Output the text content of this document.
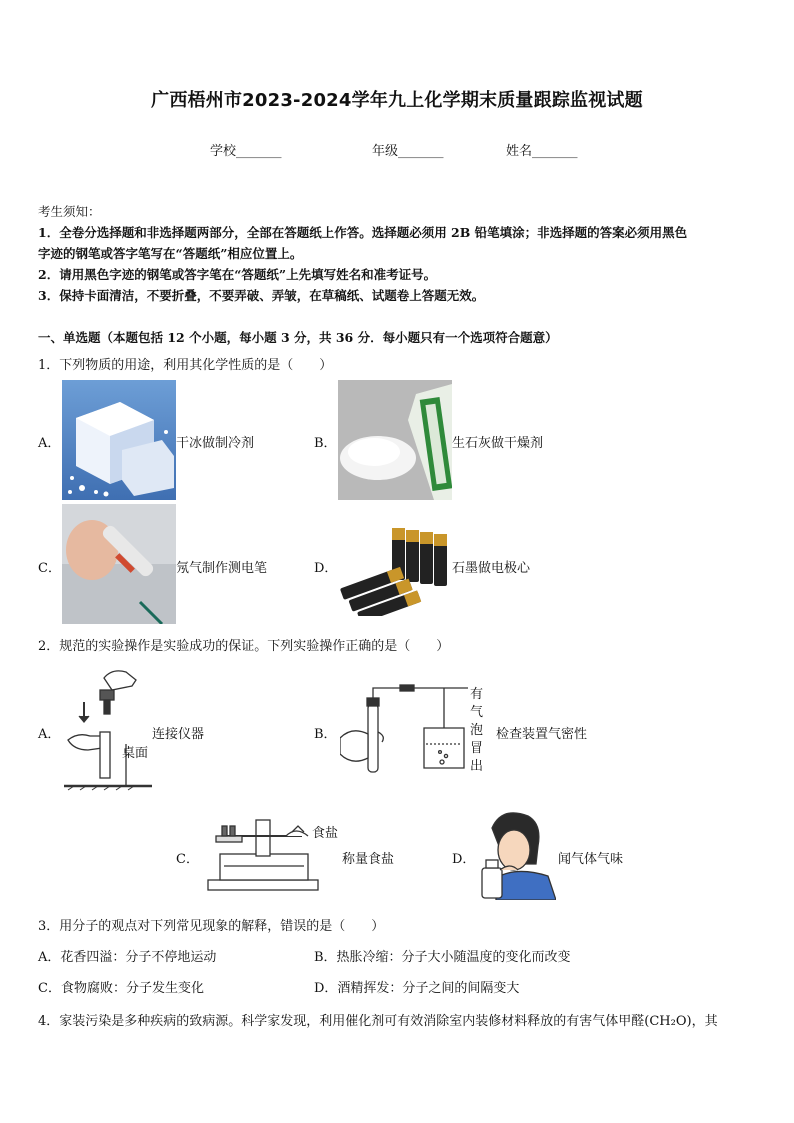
广西梧州市2023-2024学年九上化学期末质量跟踪监视试题
学校_______	年级_______	姓名_______
考生须知：
1．全卷分选择题和非选择题两部分，全部在答题纸上作答。选择题必须用 2B 铅笔填涂；非选择题的答案必须用黑色
字迹的钢笔或答字笔写在“答题纸”相应位置上。
2．请用黑色字迹的钢笔或答字笔在“答题纸”上先填写姓名和准考证号。
3．保持卡面清洁，不要折叠，不要弄破、弄皱，在草稿纸、试题卷上答题无效。
一、单选题（本题包括 12 个小题，每小题 3 分，共 36 分．每小题只有一个选项符合题意）
1．下列物质的用途，利用其化学性质的是（　　）
A．	干冰做制冷剂	B．	生石灰做干燥剂
C．	氖气制作测电笔	D．	石墨做电极心
2．规范的实验操作是实验成功的保证。下列实验操作正确的是（　　）
A．	连接仪器
桌面
B．
有
气
泡
冒
出
检查装置气密性
C．
食盐
称量食盐	D．	闻气体气味
3．用分子的观点对下列常见现象的解释，错误的是（　　）
A．花香四溢：分子不停地运动	B．热胀冷缩：分子大小随温度的变化而改变
C．食物腐败：分子发生变化	D．酒精挥发：分子之间的间隔变大
4．家装污染是多种疾病的致病源。科学家发现，利用催化剂可有效消除室内装修材料释放的有害气体甲醛(CH₂O)，其
